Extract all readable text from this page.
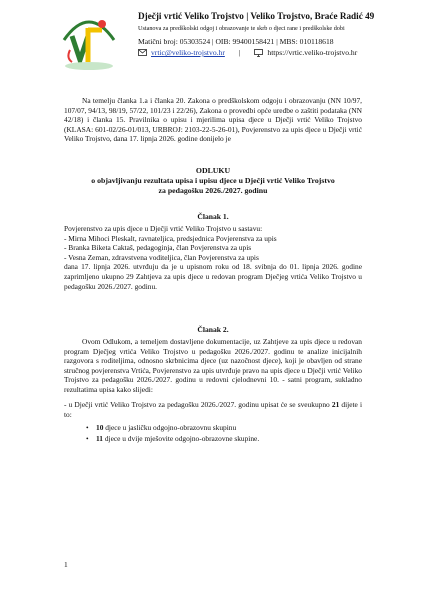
Dječji vrtić Veliko Trojstvo | Veliko Trojstvo, Braće Radić 49
Ustanova za predškolski odgoj i obrazovanje te skrb o djeci rane i predškolske dobi
Matični broj: 05303524 | OIB: 99400158421 | MBS: 010118618
vrtic@veliko-trojstvo.hr |	https://vrtic.veliko-trojstvo.hr
Na temelju članka 1.a i članka 20. Zakona o predškolskom odgoju i obrazovanju (NN 10/97, 107/07, 94/13, 98/19, 57/22, 101/23 i 22/26), Zakona o provedbi opće uredbe o zaštiti podataka (NN 42/18) i članka 15. Pravilnika o upisu i mjerilima upisa djece u Dječji vrtić Veliko Trojstvo (KLASA: 601-02/26-01/013, URBROJ: 2103-22-5-26-01), Povjerenstvo za upis djece u Dječji vrtić Veliko Trojstvo, dana 17. lipnja 2026. godine donijelo je
ODLUKU
o objavljivanju rezultata upisa i upisu djece u Dječji vrtić Veliko Trojstvo
za pedagošku 2026./2027. godinu
Članak 1.
Povjerenstvo za upis djece u Dječji vrtić Veliko Trojstvo u sastavu:
- Mirna Mihoci Pleskalt, ravnateljica, predsjednica Povjerenstva za upis
- Branka Biketa Caktaš, pedagoginja, član Povjerenstva za upis
- Vesna Zeman, zdravstvena voditeljica, član Povjerenstva za upis
dana 17. lipnja 2026. utvrđuju da je u upisnom roku od 18. svibnja do 01. lipnja 2026. godine zaprimljeno ukupno 29 Zahtjeva za upis djece u redovan program Dječjeg vrtića Veliko Trojstvo u pedagošku 2026./2027. godinu.
Članak 2.
Ovom Odlukom, a temeljem dostavljene dokumentacije, uz Zahtjeve za upis djece u redovan program Dječjeg vrtića Veliko Trojstvo u pedagošku 2026./2027. godinu te analize inicijalnih razgovora s roditeljima, odnosno skrbnicima djece (uz nazočnost djece), koji je obavljen od strane stručnog povjerenstva Vrtića, Povjerenstvo za upis utvrđuje pravo na upis djece u Dječji vrtić Veliko Trojstvo za pedagošku 2026./2027. godinu u redovni cjelodnevni 10. - satni program, sukladno rezultatima upisa kako slijedi:
- u Dječji vrtić Veliko Trojstvo za pedagošku 2026./2027. godinu upisat će se sveukupno 21 dijete i to:
•	10 djece u jasličku odgojno-obrazovnu skupinu
•	11 djece u dvije mješovite odgojno-obrazovne skupine.
1
